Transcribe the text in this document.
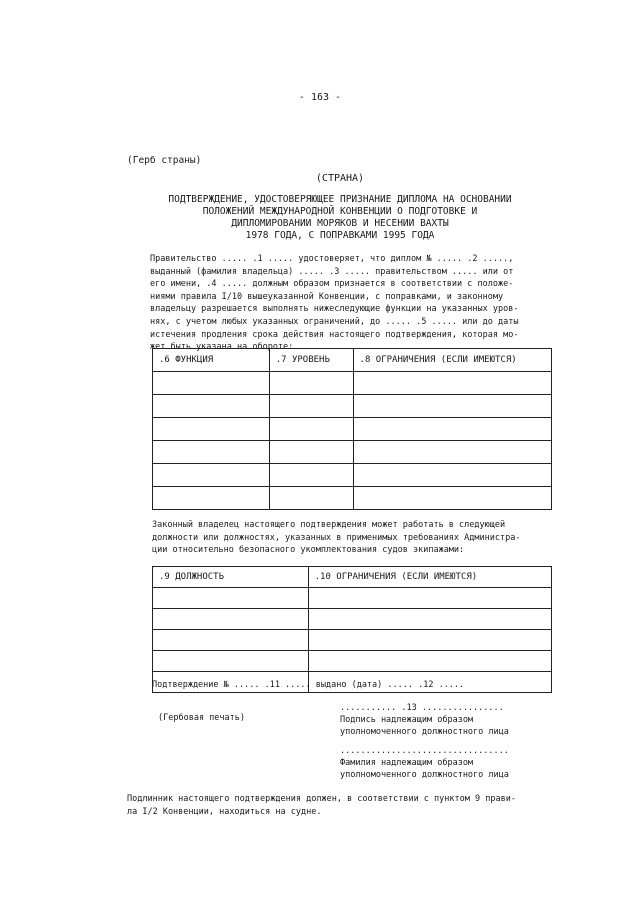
- 163 -
(Герб страны)
(СТРАНА)
ПОДТВЕРЖДЕНИЕ, УДОСТОВЕРЯЮЩЕЕ ПРИЗНАНИЕ ДИПЛОМА НА ОСНОВАНИИ
ПОЛОЖЕНИЙ МЕЖДУНАРОДНОЙ КОНВЕНЦИИ О ПОДГОТОВКЕ И
ДИПЛОМИРОВАНИИ МОРЯКОВ И НЕСЕНИИ ВАХТЫ
1978 ГОДА, С ПОПРАВКАМИ 1995 ГОДА
Правительство ..... .1 ..... удостоверяет, что диплом № ..... .2 .....,
выданный (фамилия владельца) ..... .3 ..... правительством ..... или от
его имени, .4 ..... должным образом признается в соответствии с положе-
ниями правила I/10 вышеуказанной Конвенции, с поправками, и законному
владельцу разрешается выполнять нижеследующие функции на указанных уров-
нях, с учетом любых указанных ограничений, до ..... .5 ..... или до даты
истечения продления срока действия настоящего подтверждения, которая мо-
жет быть указана на обороте:
.6 ФУНКЦИЯ	.7 УРОВЕНЬ	.8 ОГРАНИЧЕНИЯ (ЕСЛИ ИМЕЮТСЯ)

Законный владелец настоящего подтверждения может работать в следующей
должности или должностях, указанных в применимых требованиях Администра-
ции относительно безопасного укомплектования судов экипажами:
.9 ДОЛЖНОСТЬ	.10 ОГРАНИЧЕНИЯ (ЕСЛИ ИМЕЮТСЯ)

Подтверждение № ..... .11 ..... выдано (дата) ..... .12 .....
........... .13 ................
(Гербовая печать)	Подпись надлежащим образом
уполномоченного должностного лица
.................................
Фамилия надлежащим образом
уполномоченного должностного лица
Подлинник настоящего подтверждения должен, в соответствии с пунктом 9 прави-
ла I/2 Конвенции, находиться на судне.
